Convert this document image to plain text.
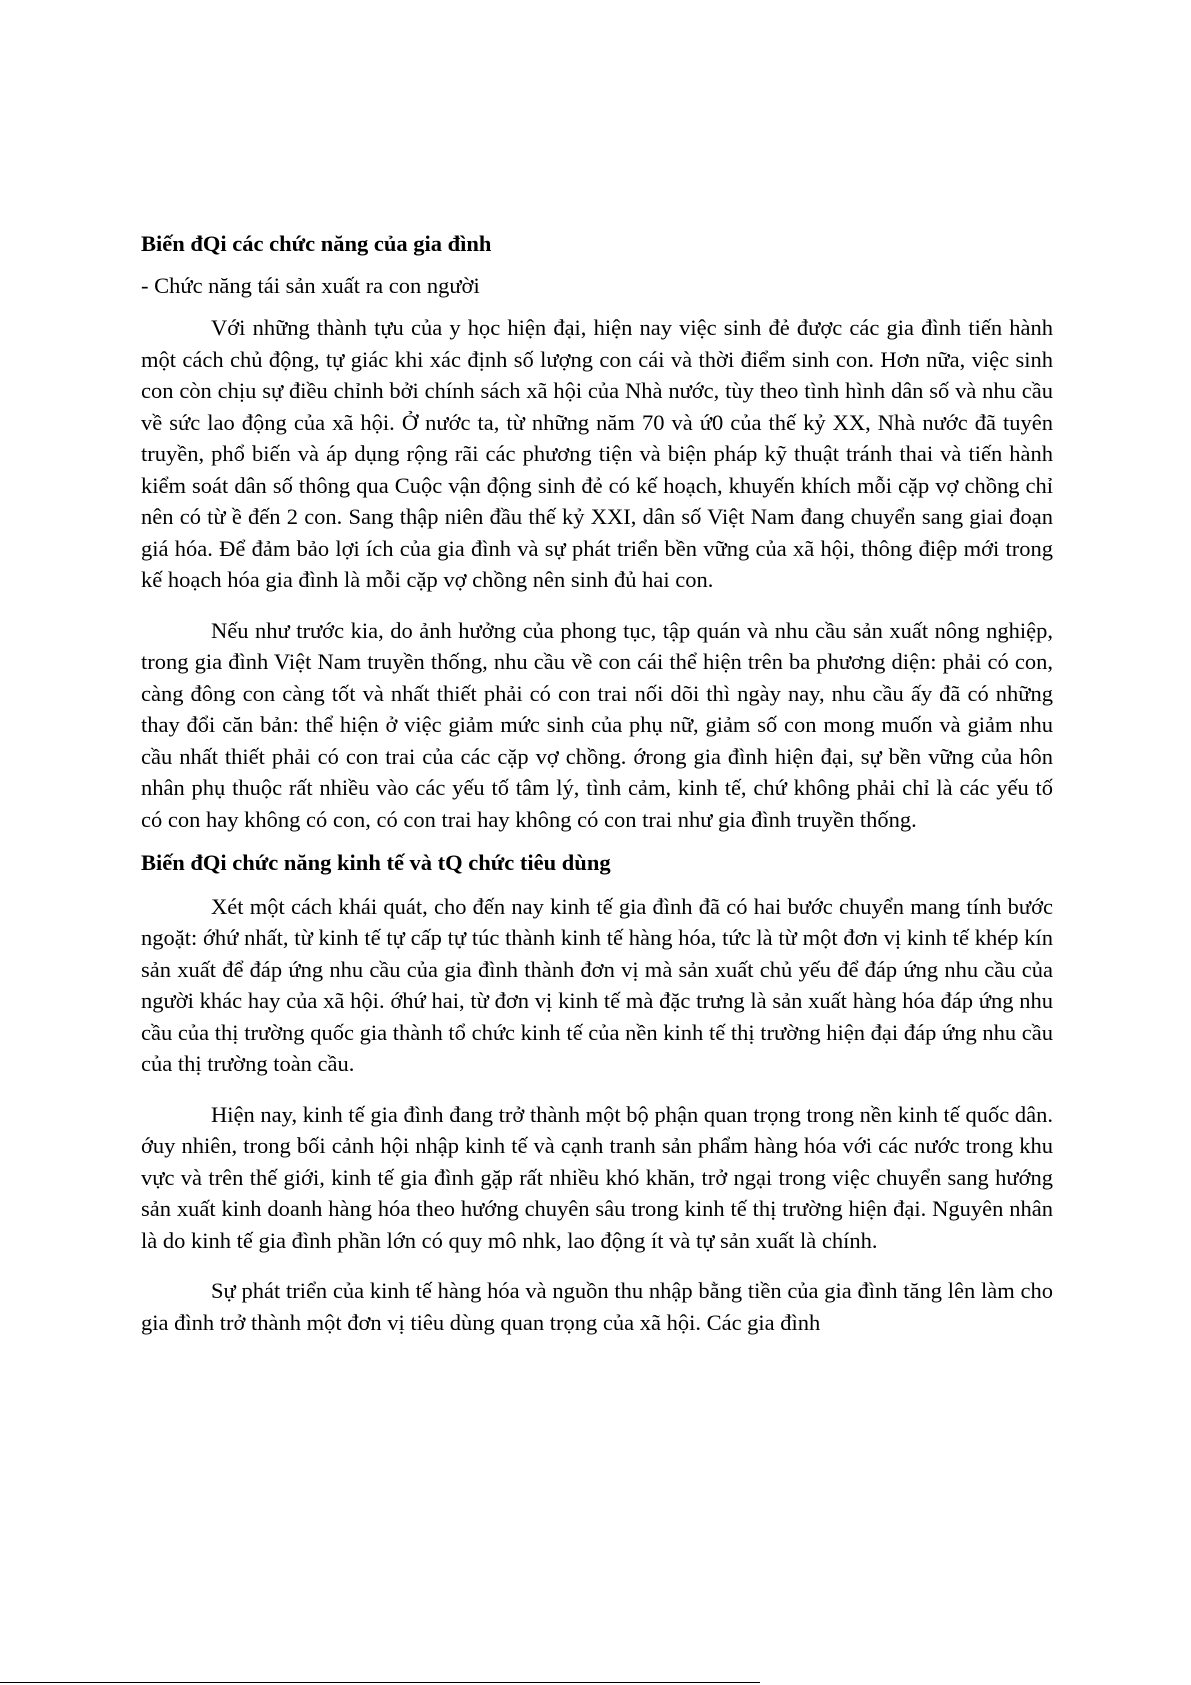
Biến đQi các chức năng của gia đình
- Chức năng tái sản xuất ra con người

Với những thành tựu của y học hiện đại, hiện nay việc sinh đẻ được các gia đình tiến hành một cách chủ động, tự giác khi xác định số lượng con cái và thời điểm sinh con. Hơn nữa, việc sinh con còn chịu sự điều chỉnh bởi chính sách xã hội của Nhà nước, tùy theo tình hình dân số và nhu cầu về sức lao động của xã hội. Ở nước ta, từ những năm 70 và ứ0 của thế kỷ XX, Nhà nước đã tuyên truyền, phổ biến và áp dụng rộng rãi các phương tiện và biện pháp kỹ thuật tránh thai và tiến hành kiểm soát dân số thông qua Cuộc vận động sinh đẻ có kế hoạch, khuyến khích mỗi cặp vợ chồng chỉ nên có từ ề đến 2 con. Sang thập niên đầu thế kỷ XXI, dân số Việt Nam đang chuyển sang giai đoạn giá hóa. Để đảm bảo lợi ích của gia đình và sự phát triển bền vững của xã hội, thông điệp mới trong kế hoạch hóa gia đình là mỗi cặp vợ chồng nên sinh đủ hai con.

Nếu như trước kia, do ảnh hưởng của phong tục, tập quán và nhu cầu sản xuất nông nghiệp, trong gia đình Việt Nam truyền thống, nhu cầu về con cái thể hiện trên ba phương diện: phải có con, càng đông con càng tốt và nhất thiết phải có con trai nối dõi thì ngày nay, nhu cầu ấy đã có những thay đổi căn bản: thể hiện ở việc giảm mức sinh của phụ nữ, giảm số con mong muốn và giảm nhu cầu nhất thiết phải có con trai của các cặp vợ chồng. ớrong gia đình hiện đại, sự bền vững của hôn nhân phụ thuộc rất nhiều vào các yếu tố tâm lý, tình cảm, kinh tế, chứ không phải chỉ là các yếu tố có con hay không có con, có con trai hay không có con trai như gia đình truyền thống.

Biến đQi chức năng kinh tế và tQ chức tiêu dùng

Xét một cách khái quát, cho đến nay kinh tế gia đình đã có hai bước chuyển mang tính bước ngoặt: ớhứ nhất, từ kinh tế tự cấp tự túc thành kinh tế hàng hóa, tức là từ một đơn vị kinh tế khép kín sản xuất để đáp ứng nhu cầu của gia đình thành đơn vị mà sản xuất chủ yếu để đáp ứng nhu cầu của người khác hay của xã hội. ớhứ hai, từ đơn vị kinh tế mà đặc trưng là sản xuất hàng hóa đáp ứng nhu cầu của thị trường quốc gia thành tổ chức kinh tế của nền kinh tế thị trường hiện đại đáp ứng nhu cầu của thị trường toàn cầu.

Hiện nay, kinh tế gia đình đang trở thành một bộ phận quan trọng trong nền kinh tế quốc dân. ớuy nhiên, trong bối cảnh hội nhập kinh tế và cạnh tranh sản phẩm hàng hóa với các nước trong khu vực và trên thế giới, kinh tế gia đình gặp rất nhiều khó khăn, trở ngại trong việc chuyển sang hướng sản xuất kinh doanh hàng hóa theo hướng chuyên sâu trong kinh tế thị trường hiện đại. Nguyên nhân là do kinh tế gia đình phần lớn có quy mô nhk, lao động ít và tự sản xuất là chính.

Sự phát triển của kinh tế hàng hóa và nguồn thu nhập bằng tiền của gia đình tăng lên làm cho gia đình trở thành một đơn vị tiêu dùng quan trọng của xã hội. Các gia đình
